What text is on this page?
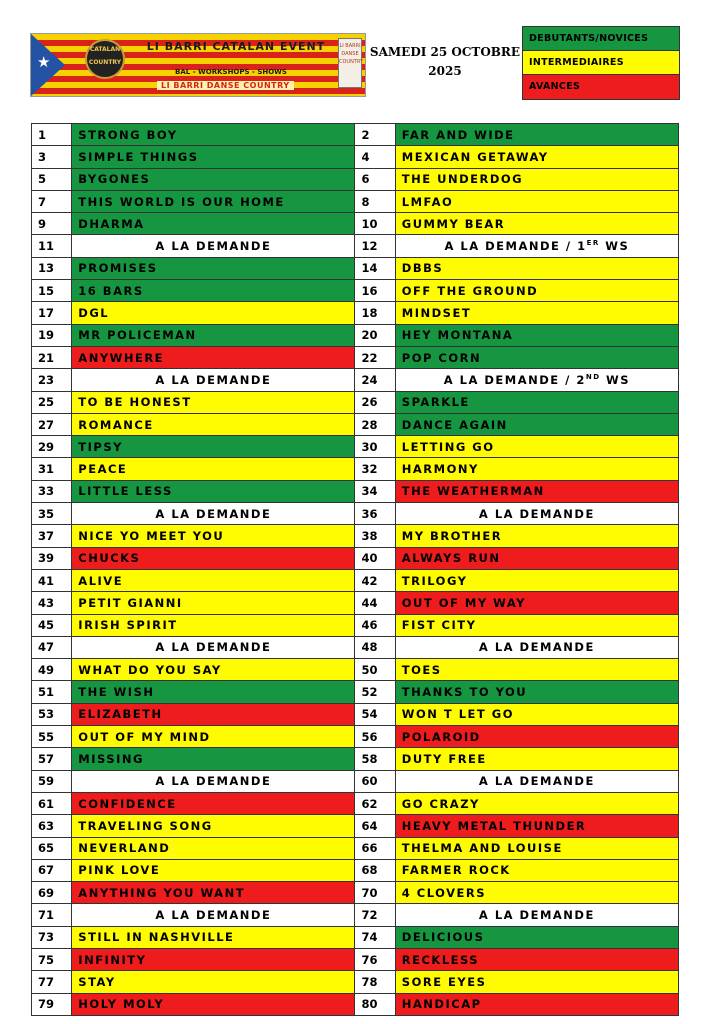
★
CATALAN COUNTRY
LI BARRI CATALAN EVENT
BAL - WORKSHOPS - SHOWS
LI BARRI DANSE COUNTRY
LI BARRI DANSE COUNTRY
SAMEDI 25 OCTOBRE
2025
DEBUTANTS/NOVICES
INTERMEDIAIRES
AVANCES
1	STRONG BOY	2	FAR AND WIDE
3	SIMPLE THINGS	4	MEXICAN GETAWAY
5	BYGONES	6	THE UNDERDOG
7	THIS WORLD IS OUR HOME	8	LMFAO
9	DHARMA	10	GUMMY BEAR
11	A LA DEMANDE	12	A LA DEMANDE / 1ER WS
13	PROMISES	14	DBBS
15	16 BARS	16	OFF THE GROUND
17	DGL	18	MINDSET
19	MR POLICEMAN	20	HEY MONTANA
21	ANYWHERE	22	POP CORN
23	A LA DEMANDE	24	A LA DEMANDE / 2ND WS
25	TO BE HONEST	26	SPARKLE
27	ROMANCE	28	DANCE AGAIN
29	TIPSY	30	LETTING GO
31	PEACE	32	HARMONY
33	LITTLE LESS	34	THE WEATHERMAN
35	A LA DEMANDE	36	A LA DEMANDE
37	NICE YO MEET YOU	38	MY BROTHER
39	CHUCKS	40	ALWAYS RUN
41	ALIVE	42	TRILOGY
43	PETIT GIANNI	44	OUT OF MY WAY
45	IRISH SPIRIT	46	FIST CITY
47	A LA DEMANDE	48	A LA DEMANDE
49	WHAT DO YOU SAY	50	TOES
51	THE WISH	52	THANKS TO YOU
53	ELIZABETH	54	WON T LET GO
55	OUT OF MY MIND	56	POLAROID
57	MISSING	58	DUTY FREE
59	A LA DEMANDE	60	A LA DEMANDE
61	CONFIDENCE	62	GO CRAZY
63	TRAVELING SONG	64	HEAVY METAL THUNDER
65	NEVERLAND	66	THELMA AND LOUISE
67	PINK LOVE	68	FARMER ROCK
69	ANYTHING YOU WANT	70	4 CLOVERS
71	A LA DEMANDE	72	A LA DEMANDE
73	STILL IN NASHVILLE	74	DELICIOUS
75	INFINITY	76	RECKLESS
77	STAY	78	SORE EYES
79	HOLY MOLY	80	HANDICAP
